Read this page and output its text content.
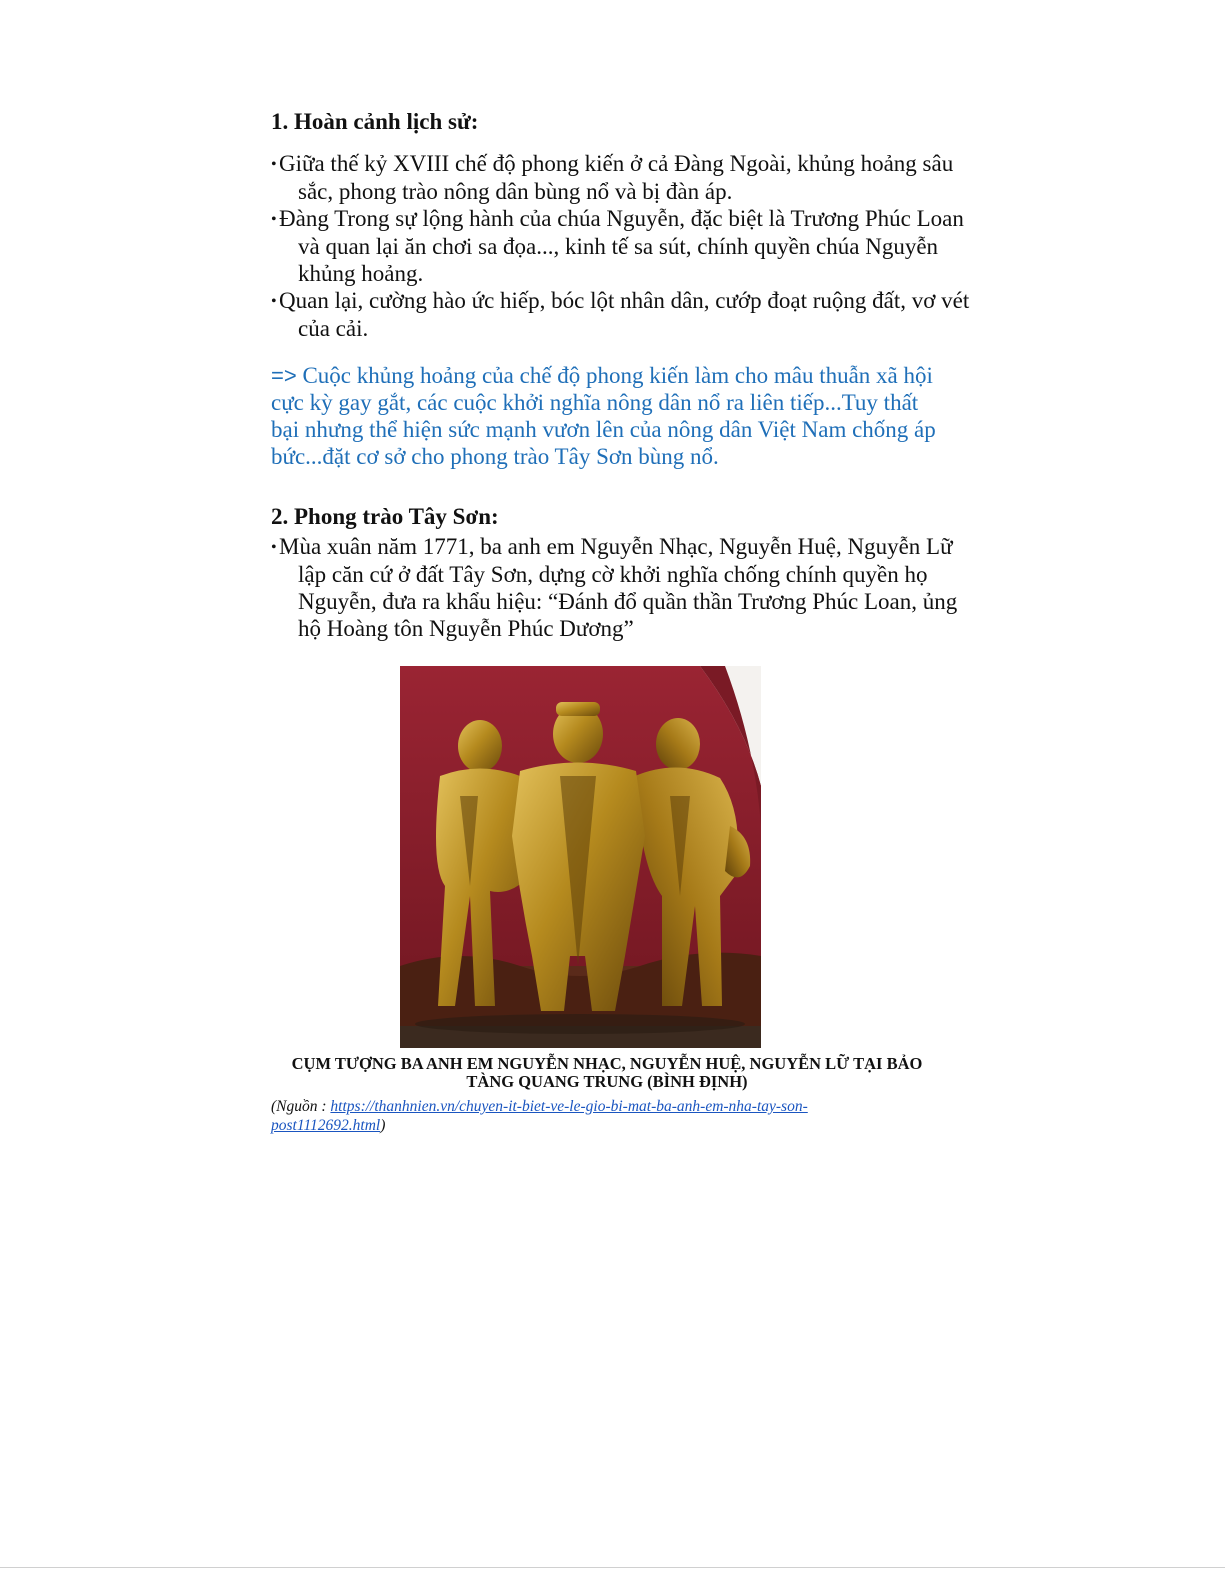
1. Hoàn cảnh lịch sử:
• Giữa thế kỷ XVIII chế độ phong kiến ở cả Đàng Ngoài, khủng hoảng sâu sắc, phong trào nông dân bùng nổ và bị đàn áp.
• Đàng Trong sự lộng hành của chúa Nguyễn, đặc biệt là Trương Phúc Loan và quan lại ăn chơi sa đọa..., kinh tế sa sút, chính quyền chúa Nguyễn khủng hoảng.
• Quan lại, cường hào ức hiếp, bóc lột nhân dân, cướp đoạt ruộng đất, vơ vét của cải.

=> Cuộc khủng hoảng của chế độ phong kiến làm cho mâu thuẫn xã hội cực kỳ gay gắt, các cuộc khởi nghĩa nông dân nổ ra liên tiếp...Tuy thất bại nhưng thể hiện sức mạnh vươn lên của nông dân Việt Nam chống áp bức...đặt cơ sở cho phong trào Tây Sơn bùng nổ.

2. Phong trào Tây Sơn:
• Mùa xuân năm 1771, ba anh em Nguyễn Nhạc, Nguyễn Huệ, Nguyễn Lữ lập căn cứ ở đất Tây Sơn, dựng cờ khởi nghĩa chống chính quyền họ Nguyễn, đưa ra khẩu hiệu: “Đánh đổ quần thần Trương Phúc Loan, ủng hộ Hoàng tôn Nguyễn Phúc Dương”
CỤM TƯỢNG BA ANH EM NGUYỄN NHẠC, NGUYỄN HUỆ, NGUYỄN LỮ TẠI BẢO TÀNG QUANG TRUNG (BÌNH ĐỊNH)
(Nguồn : https://thanhnien.vn/chuyen-it-biet-ve-le-gio-bi-mat-ba-anh-em-nha-tay-son-post1112692.html)
